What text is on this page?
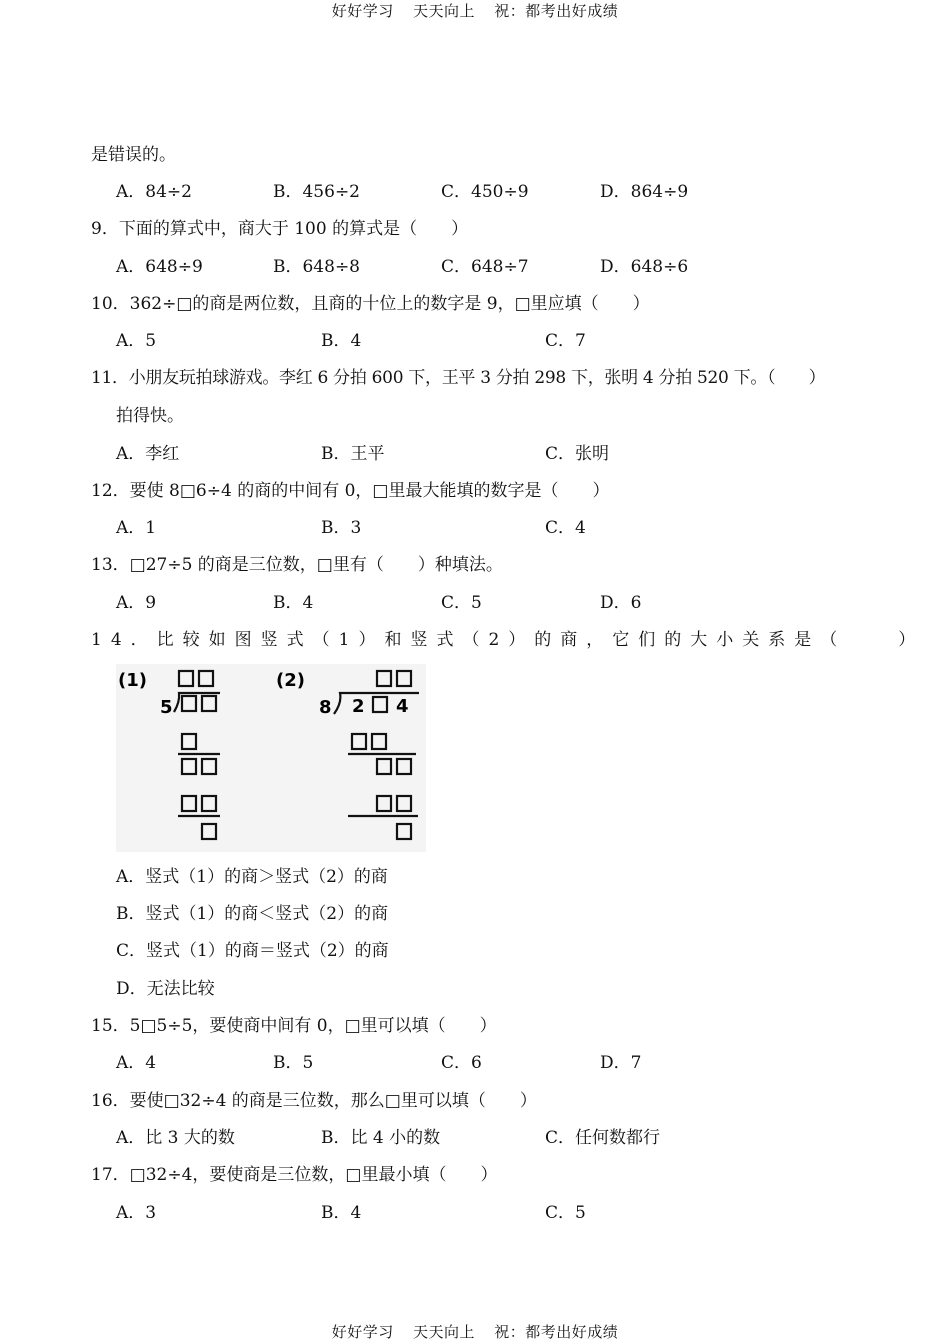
好好学习 天天向上 祝：都考出好成绩
是错误的。
A．84÷2	B．456÷2	C．450÷9	D．864÷9
9．下面的算式中，商大于 100 的算式是（　　）
A．648÷9	B．648÷8	C．648÷7	D．648÷6
10．362÷□的商是两位数，且商的十位上的数字是 9，□里应填（　　）
A．5	B．4	C．7
11．小朋友玩拍球游戏。李红 6 分拍 600 下，王平 3 分拍 298 下，张明 4 分拍 520 下。（　　）
拍得快。
A．李红	B．王平	C．张明
12．要使 8□6÷4 的商的中间有 0，□里最大能填的数字是（　　）
A．1	B．3	C．4
13．□27÷5 的商是三位数，□里有（　　）种填法。
A．9	B．4	C．5	D．6
14．比较如图竖式（1）和竖式（2）的商，它们的大小关系是（　　）
(1)	(2)
5	8 2 4
A．竖式（1）的商＞竖式（2）的商
B．竖式（1）的商＜竖式（2）的商
C．竖式（1）的商＝竖式（2）的商
D．无法比较
15．5□5÷5，要使商中间有 0，□里可以填（　　）
A．4	B．5	C．6	D．7
16．要使□32÷4 的商是三位数，那么□里可以填（　　）
A．比 3 大的数	B．比 4 小的数	C．任何数都行
17．□32÷4，要使商是三位数，□里最小填（　　）
A．3	B．4	C．5
好好学习 天天向上 祝：都考出好成绩
